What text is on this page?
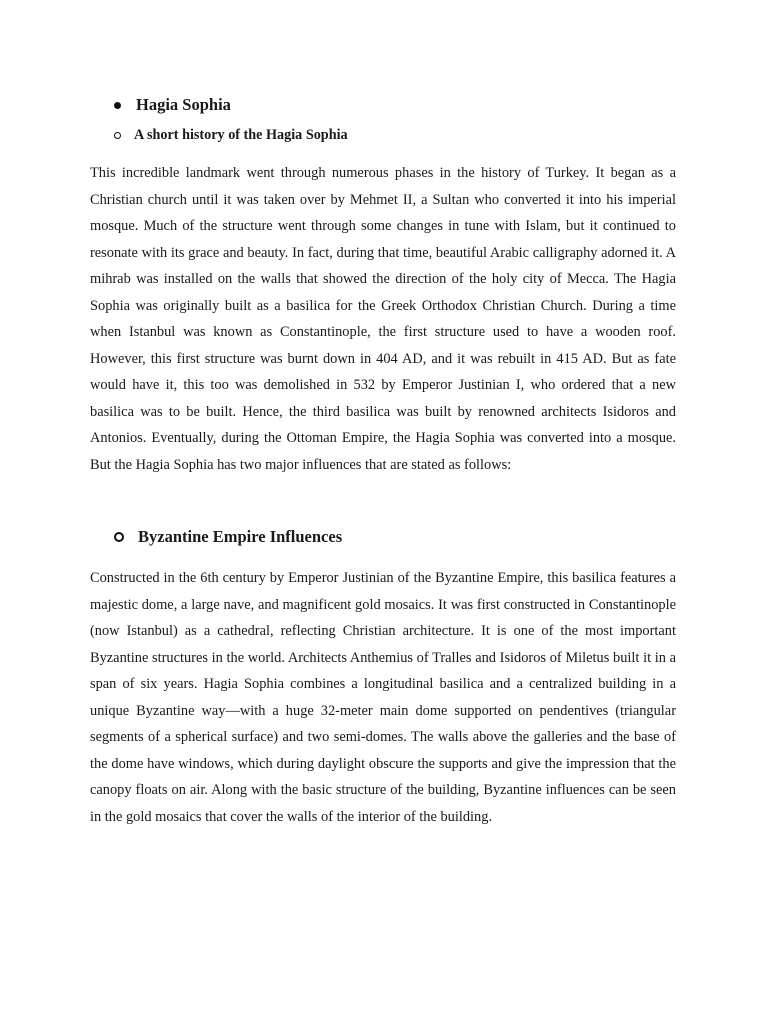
Hagia Sophia
A short history of the Hagia Sophia

This incredible landmark went through numerous phases in the history of Turkey. It began as a Christian church until it was taken over by Mehmet II, a Sultan who converted it into his imperial mosque. Much of the structure went through some changes in tune with Islam, but it continued to resonate with its grace and beauty. In fact, during that time, beautiful Arabic calligraphy adorned it. A mihrab was installed on the walls that showed the direction of the holy city of Mecca. The Hagia Sophia was originally built as a basilica for the Greek Orthodox Christian Church. During a time when Istanbul was known as Constantinople, the first structure used to have a wooden roof. However, this first structure was burnt down in 404 AD, and it was rebuilt in 415 AD. But as fate would have it, this too was demolished in 532 by Emperor Justinian I, who ordered that a new basilica was to be built. Hence, the third basilica was built by renowned architects Isidoros and Antonios. Eventually, during the Ottoman Empire, the Hagia Sophia was converted into a mosque. But the Hagia Sophia has two major influences that are stated as follows:

Byzantine Empire Influences

Constructed in the 6th century by Emperor Justinian of the Byzantine Empire, this basilica features a majestic dome, a large nave, and magnificent gold mosaics. It was first constructed in Constantinople (now Istanbul) as a cathedral, reflecting Christian architecture. It is one of the most important Byzantine structures in the world. Architects Anthemius of Tralles and Isidoros of Miletus built it in a span of six years. Hagia Sophia combines a longitudinal basilica and a centralized building in a unique Byzantine way—with a huge 32-meter main dome supported on pendentives (triangular segments of a spherical surface) and two semi-domes. The walls above the galleries and the base of the dome have windows, which during daylight obscure the supports and give the impression that the canopy floats on air. Along with the basic structure of the building, Byzantine influences can be seen in the gold mosaics that cover the walls of the interior of the building.
